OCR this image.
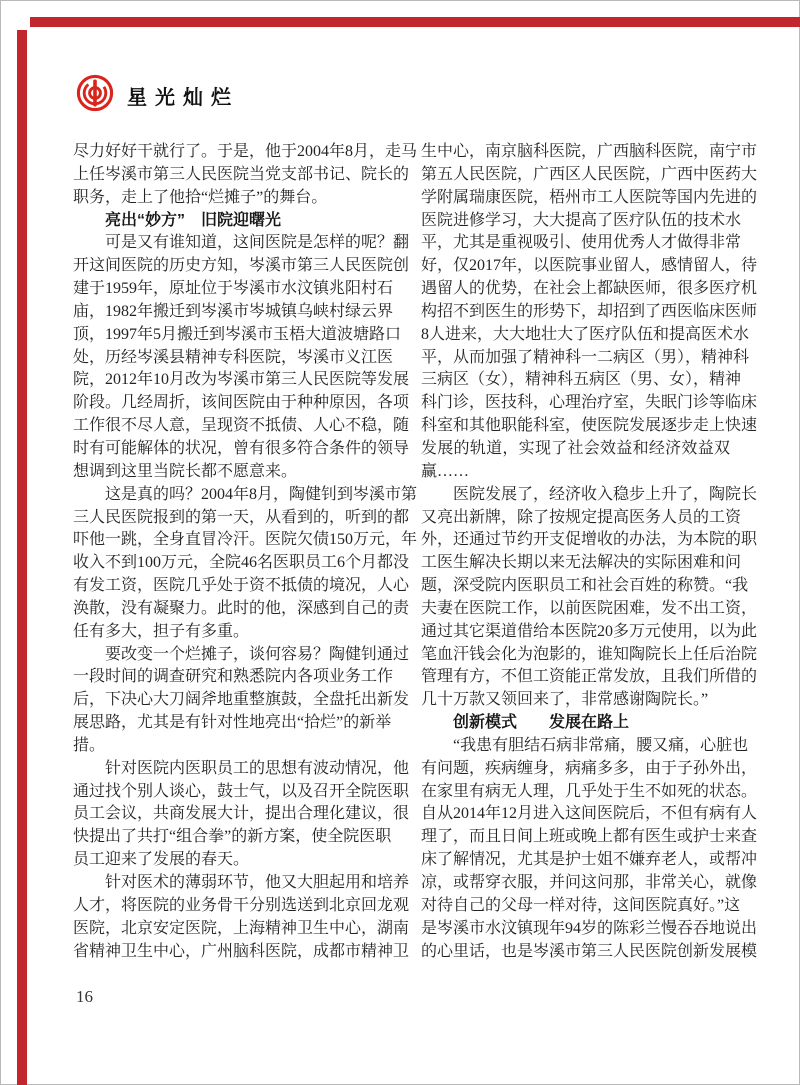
星光灿烂
尽力好好干就行了。于是，他于2004年8月，走马
上任岑溪市第三人民医院当党支部书记、院长的
职务，走上了他拾“烂摊子”的舞台。
亮出“妙方”　旧院迎曙光
可是又有谁知道，这间医院是怎样的呢？翻
开这间医院的历史方知，岑溪市第三人民医院创
建于1959年，原址位于岑溪市水汶镇兆阳村石
庙，1982年搬迁到岑溪市岑城镇乌峡村绿云界
顶，1997年5月搬迁到岑溪市玉梧大道波塘路口
处，历经岑溪县精神专科医院，岑溪市义江医
院，2012年10月改为岑溪市第三人民医院等发展
阶段。几经周折，该间医院由于种种原因，各项
工作很不尽人意，呈现资不抵债、人心不稳，随
时有可能解体的状况，曾有很多符合条件的领导
想调到这里当院长都不愿意来。
这是真的吗？2004年8月，陶健钊到岑溪市第
三人民医院报到的第一天，从看到的，听到的都
吓他一跳，全身直冒冷汗。医院欠债150万元，年
收入不到100万元，全院46名医职员工6个月都没
有发工资，医院几乎处于资不抵债的境况，人心
涣散，没有凝聚力。此时的他，深感到自己的责
任有多大，担子有多重。
要改变一个烂摊子，谈何容易？陶健钊通过
一段时间的调查研究和熟悉院内各项业务工作
后，下决心大刀阔斧地重整旗鼓，全盘托出新发
展思路，尤其是有针对性地亮出“拾烂”的新举
措。
针对医院内医职员工的思想有波动情况，他
通过找个别人谈心，鼓士气，以及召开全院医职
员工会议，共商发展大计，提出合理化建议，很
快提出了共打“组合拳”的新方案，使全院医职
员工迎来了发展的春天。
针对医术的薄弱环节，他又大胆起用和培养
人才，将医院的业务骨干分别选送到北京回龙观
医院，北京安定医院，上海精神卫生中心，湖南
省精神卫生中心，广州脑科医院，成都市精神卫
生中心，南京脑科医院，广西脑科医院，南宁市
第五人民医院，广西区人民医院，广西中医药大
学附属瑞康医院，梧州市工人医院等国内先进的
医院进修学习，大大提高了医疗队伍的技术水
平，尤其是重视吸引、使用优秀人才做得非常
好，仅2017年，以医院事业留人，感情留人，待
遇留人的优势，在社会上都缺医师，很多医疗机
构招不到医生的形势下，却招到了西医临床医师
8人进来，大大地壮大了医疗队伍和提高医术水
平，从而加强了精神科一二病区（男），精神科
三病区（女），精神科五病区（男、女），精神
科门诊，医技科，心理治疗室，失眠门诊等临床
科室和其他职能科室，使医院发展逐步走上快速
发展的轨道，实现了社会效益和经济效益双
赢……
医院发展了，经济收入稳步上升了，陶院长
又亮出新牌，除了按规定提高医务人员的工资
外，还通过节约开支促增收的办法，为本院的职
工医生解决长期以来无法解决的实际困难和问
题，深受院内医职员工和社会百姓的称赞。“我
夫妻在医院工作，以前医院困难，发不出工资，
通过其它渠道借给本医院20多万元使用，以为此
笔血汗钱会化为泡影的，谁知陶院长上任后治院
管理有方，不但工资能正常发放，且我们所借的
几十万款又领回来了，非常感谢陶院长。”
创新模式　　发展在路上
“我患有胆结石病非常痛，腰又痛，心脏也
有问题，疾病缠身，病痛多多，由于子孙外出，
在家里有病无人理，几乎处于生不如死的状态。
自从2014年12月进入这间医院后，不但有病有人
理了，而且日间上班或晚上都有医生或护士来查
床了解情况，尤其是护士姐不嫌弃老人，或帮冲
凉，或帮穿衣服，并问这问那，非常关心，就像
对待自己的父母一样对待，这间医院真好。”这
是岑溪市水汶镇现年94岁的陈彩兰慢吞吞地说出
的心里话，也是岑溪市第三人民医院创新发展模
16
